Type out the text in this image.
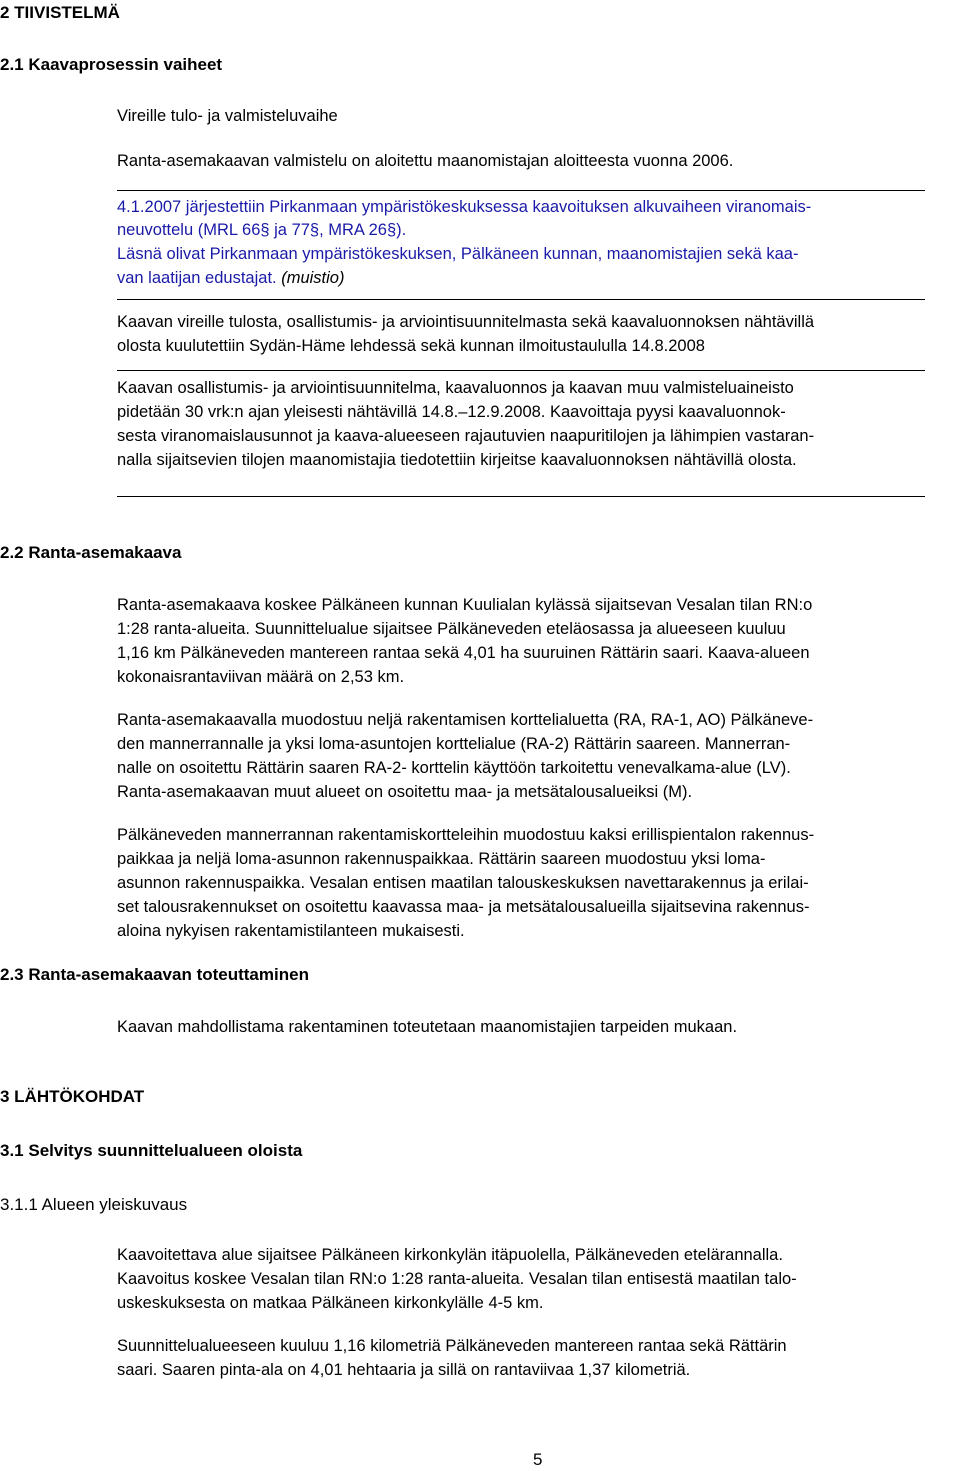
2 TIIVISTELMÄ
2.1 Kaavaprosessin vaiheet
Vireille tulo- ja valmisteluvaihe
Ranta-asemakaavan valmistelu on aloitettu maanomistajan aloitteesta vuonna 2006.
4.1.2007 järjestettiin Pirkanmaan ympäristökeskuksessa kaavoituksen alkuvaiheen viranomais-
neuvottelu (MRL 66§ ja 77§, MRA 26§).
Läsnä olivat Pirkanmaan ympäristökeskuksen, Pälkäneen kunnan, maanomistajien sekä kaa-
van laatijan edustajat. (muistio)
Kaavan vireille tulosta, osallistumis- ja arviointisuunnitelmasta sekä kaavaluonnoksen nähtävillä
olosta kuulutettiin Sydän-Häme lehdessä sekä kunnan ilmoitustaululla 14.8.2008
Kaavan osallistumis- ja arviointisuunnitelma, kaavaluonnos ja kaavan muu valmisteluaineisto
pidetään 30 vrk:n ajan yleisesti nähtävillä 14.8.–12.9.2008. Kaavoittaja pyysi kaavaluonnok-
sesta viranomaislausunnot ja kaava-alueeseen rajautuvien naapuritilojen ja lähimpien vastaran-
nalla sijaitsevien tilojen maanomistajia tiedotettiin kirjeitse kaavaluonnoksen nähtävillä olosta.
2.2 Ranta-asemakaava
Ranta-asemakaava koskee Pälkäneen kunnan Kuulialan kylässä sijaitsevan Vesalan tilan RN:o
1:28 ranta-alueita. Suunnittelualue sijaitsee Pälkäneveden eteläosassa ja alueeseen kuuluu
1,16 km Pälkäneveden mantereen rantaa sekä 4,01 ha suuruinen Rättärin saari. Kaava-alueen
kokonaisrantaviivan määrä on 2,53 km.
Ranta-asemakaavalla muodostuu neljä rakentamisen korttelialuetta (RA, RA-1, AO) Pälkäneve-
den mannerrannalle ja yksi loma-asuntojen korttelialue (RA-2) Rättärin saareen. Mannerran-
nalle on osoitettu Rättärin saaren RA-2- korttelin käyttöön tarkoitettu venevalkama-alue (LV).
Ranta-asemakaavan muut alueet on osoitettu maa- ja metsätalousalueiksi (M).
Pälkäneveden mannerrannan rakentamiskortteleihin muodostuu kaksi erillispientalon rakennus-
paikkaa ja neljä loma-asunnon rakennuspaikkaa. Rättärin saareen muodostuu yksi loma-
asunnon rakennuspaikka. Vesalan entisen maatilan talouskeskuksen navettarakennus ja erilai-
set talousrakennukset on osoitettu kaavassa maa- ja metsätalousalueilla sijaitsevina rakennus-
aloina nykyisen rakentamistilanteen mukaisesti.
2.3 Ranta-asemakaavan toteuttaminen
Kaavan mahdollistama rakentaminen toteutetaan maanomistajien tarpeiden mukaan.
3 LÄHTÖKOHDAT
3.1 Selvitys suunnittelualueen oloista
3.1.1 Alueen yleiskuvaus
Kaavoitettava alue sijaitsee Pälkäneen kirkonkylän itäpuolella, Pälkäneveden etelärannalla.
Kaavoitus koskee Vesalan tilan RN:o 1:28 ranta-alueita. Vesalan tilan entisestä maatilan talo-
uskeskuksesta on matkaa Pälkäneen kirkonkylälle 4-5 km.
Suunnittelualueeseen kuuluu 1,16 kilometriä Pälkäneveden mantereen rantaa sekä Rättärin
saari. Saaren pinta-ala on 4,01 hehtaaria ja sillä on rantaviivaa 1,37 kilometriä.
5
